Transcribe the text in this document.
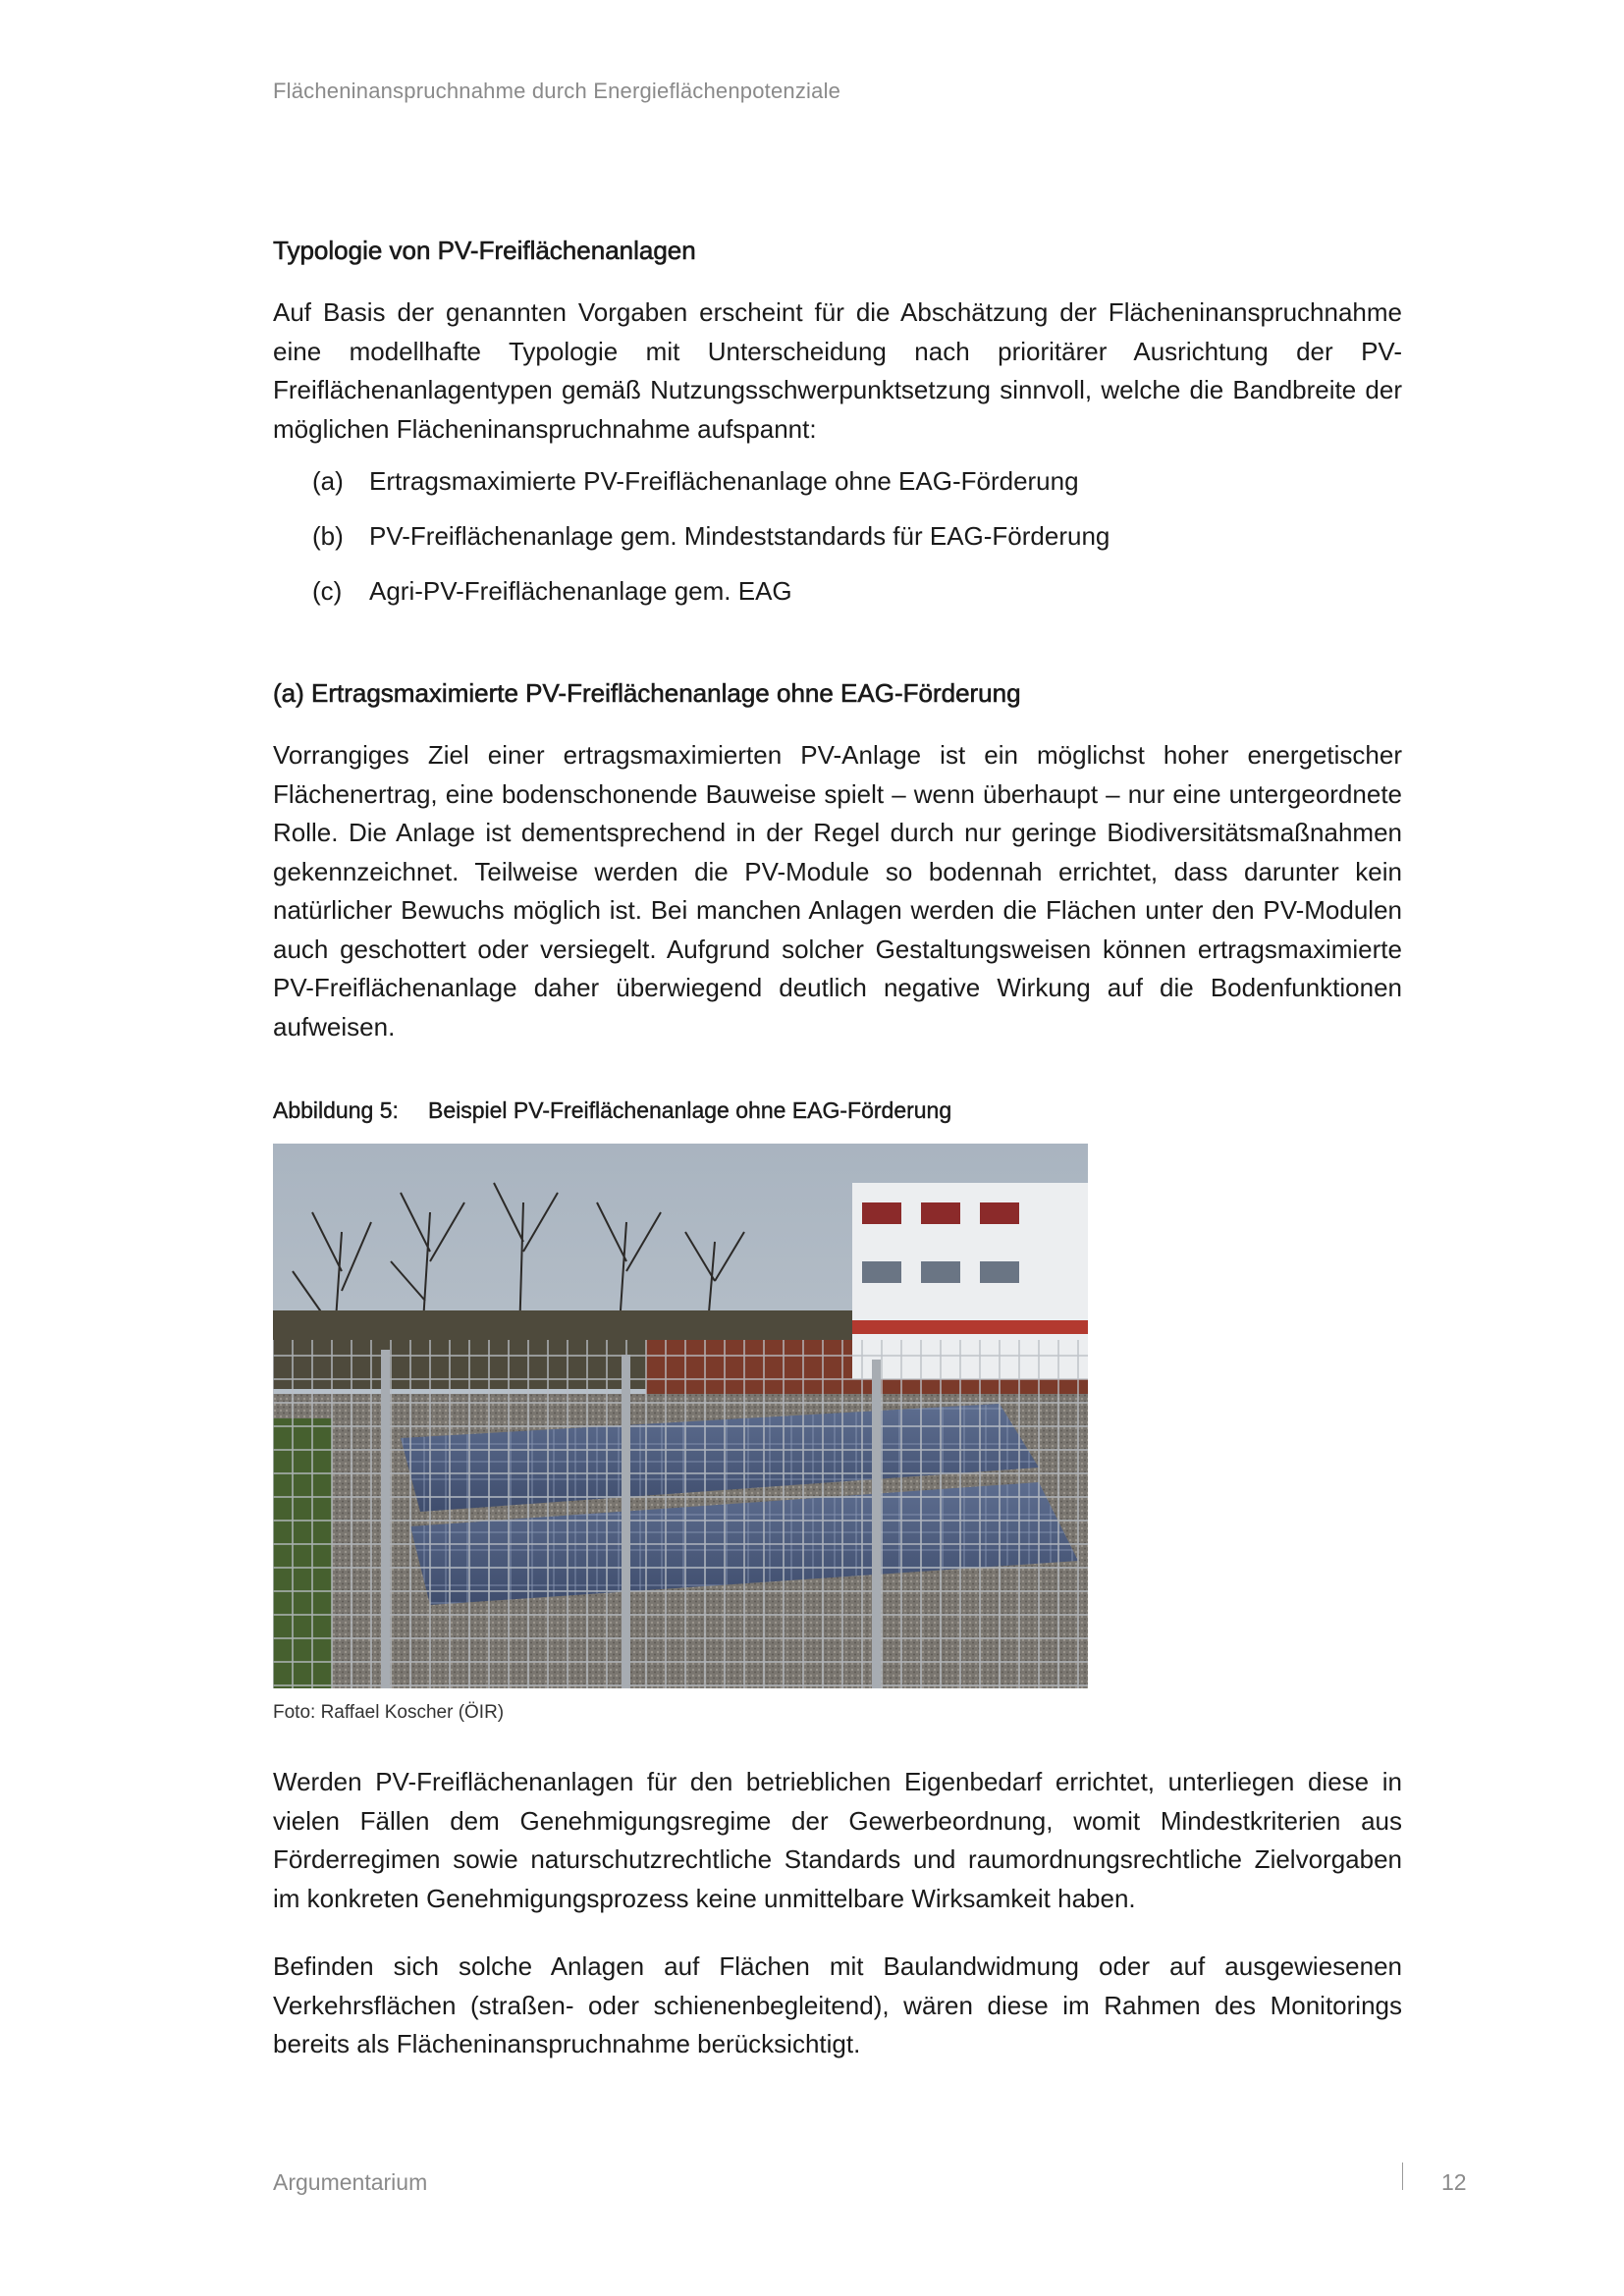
Flächeninanspruchnahme durch Energieflächenpotenziale
Typologie von PV-Freiflächenanlagen

Auf Basis der genannten Vorgaben erscheint für die Abschätzung der Flächeninanspruchnahme eine modellhafte Typologie mit Unterscheidung nach prioritärer Ausrichtung der PV-Freiflächenanlagentypen gemäß Nutzungsschwerpunktsetzung sinnvoll, welche die Bandbreite der möglichen Flächeninanspruchnahme aufspannt:

(a)	Ertragsmaximierte PV-Freiflächenanlage ohne EAG-Förderung
(b)	PV-Freiflächenanlage gem. Mindeststandards für EAG-Förderung
(c)	Agri-PV-Freiflächenanlage gem. EAG
(a) Ertragsmaximierte PV-Freiflächenanlage ohne EAG-Förderung

Vorrangiges Ziel einer ertragsmaximierten PV-Anlage ist ein möglichst hoher energetischer Flächenertrag, eine bodenschonende Bauweise spielt – wenn überhaupt – nur eine untergeordnete Rolle. Die Anlage ist dementsprechend in der Regel durch nur geringe Biodiversitätsmaßnahmen gekennzeichnet. Teilweise werden die PV-Module so bodennah errichtet, dass darunter kein natürlicher Bewuchs möglich ist. Bei manchen Anlagen werden die Flächen unter den PV-Modulen auch geschottert oder versiegelt. Aufgrund solcher Gestaltungsweisen können ertragsmaximierte PV-Freiflächenanlage daher überwiegend deutlich negative Wirkung auf die Bodenfunktionen aufweisen.

Abbildung 5:	Beispiel PV-Freiflächenanlage ohne EAG-Förderung
Foto: Raffael Koscher (ÖIR)

Werden PV-Freiflächenanlagen für den betrieblichen Eigenbedarf errichtet, unterliegen diese in vielen Fällen dem Genehmigungsregime der Gewerbeordnung, womit Mindestkriterien aus Förderregimen sowie naturschutzrechtliche Standards und raumordnungsrechtliche Zielvorgaben im konkreten Genehmigungsprozess keine unmittelbare Wirksamkeit haben.

Befinden sich solche Anlagen auf Flächen mit Baulandwidmung oder auf ausgewiesenen Verkehrsflächen (straßen- oder schienenbegleitend), wären diese im Rahmen des Monitorings bereits als Flächeninanspruchnahme berücksichtigt.

Argumentarium	12
